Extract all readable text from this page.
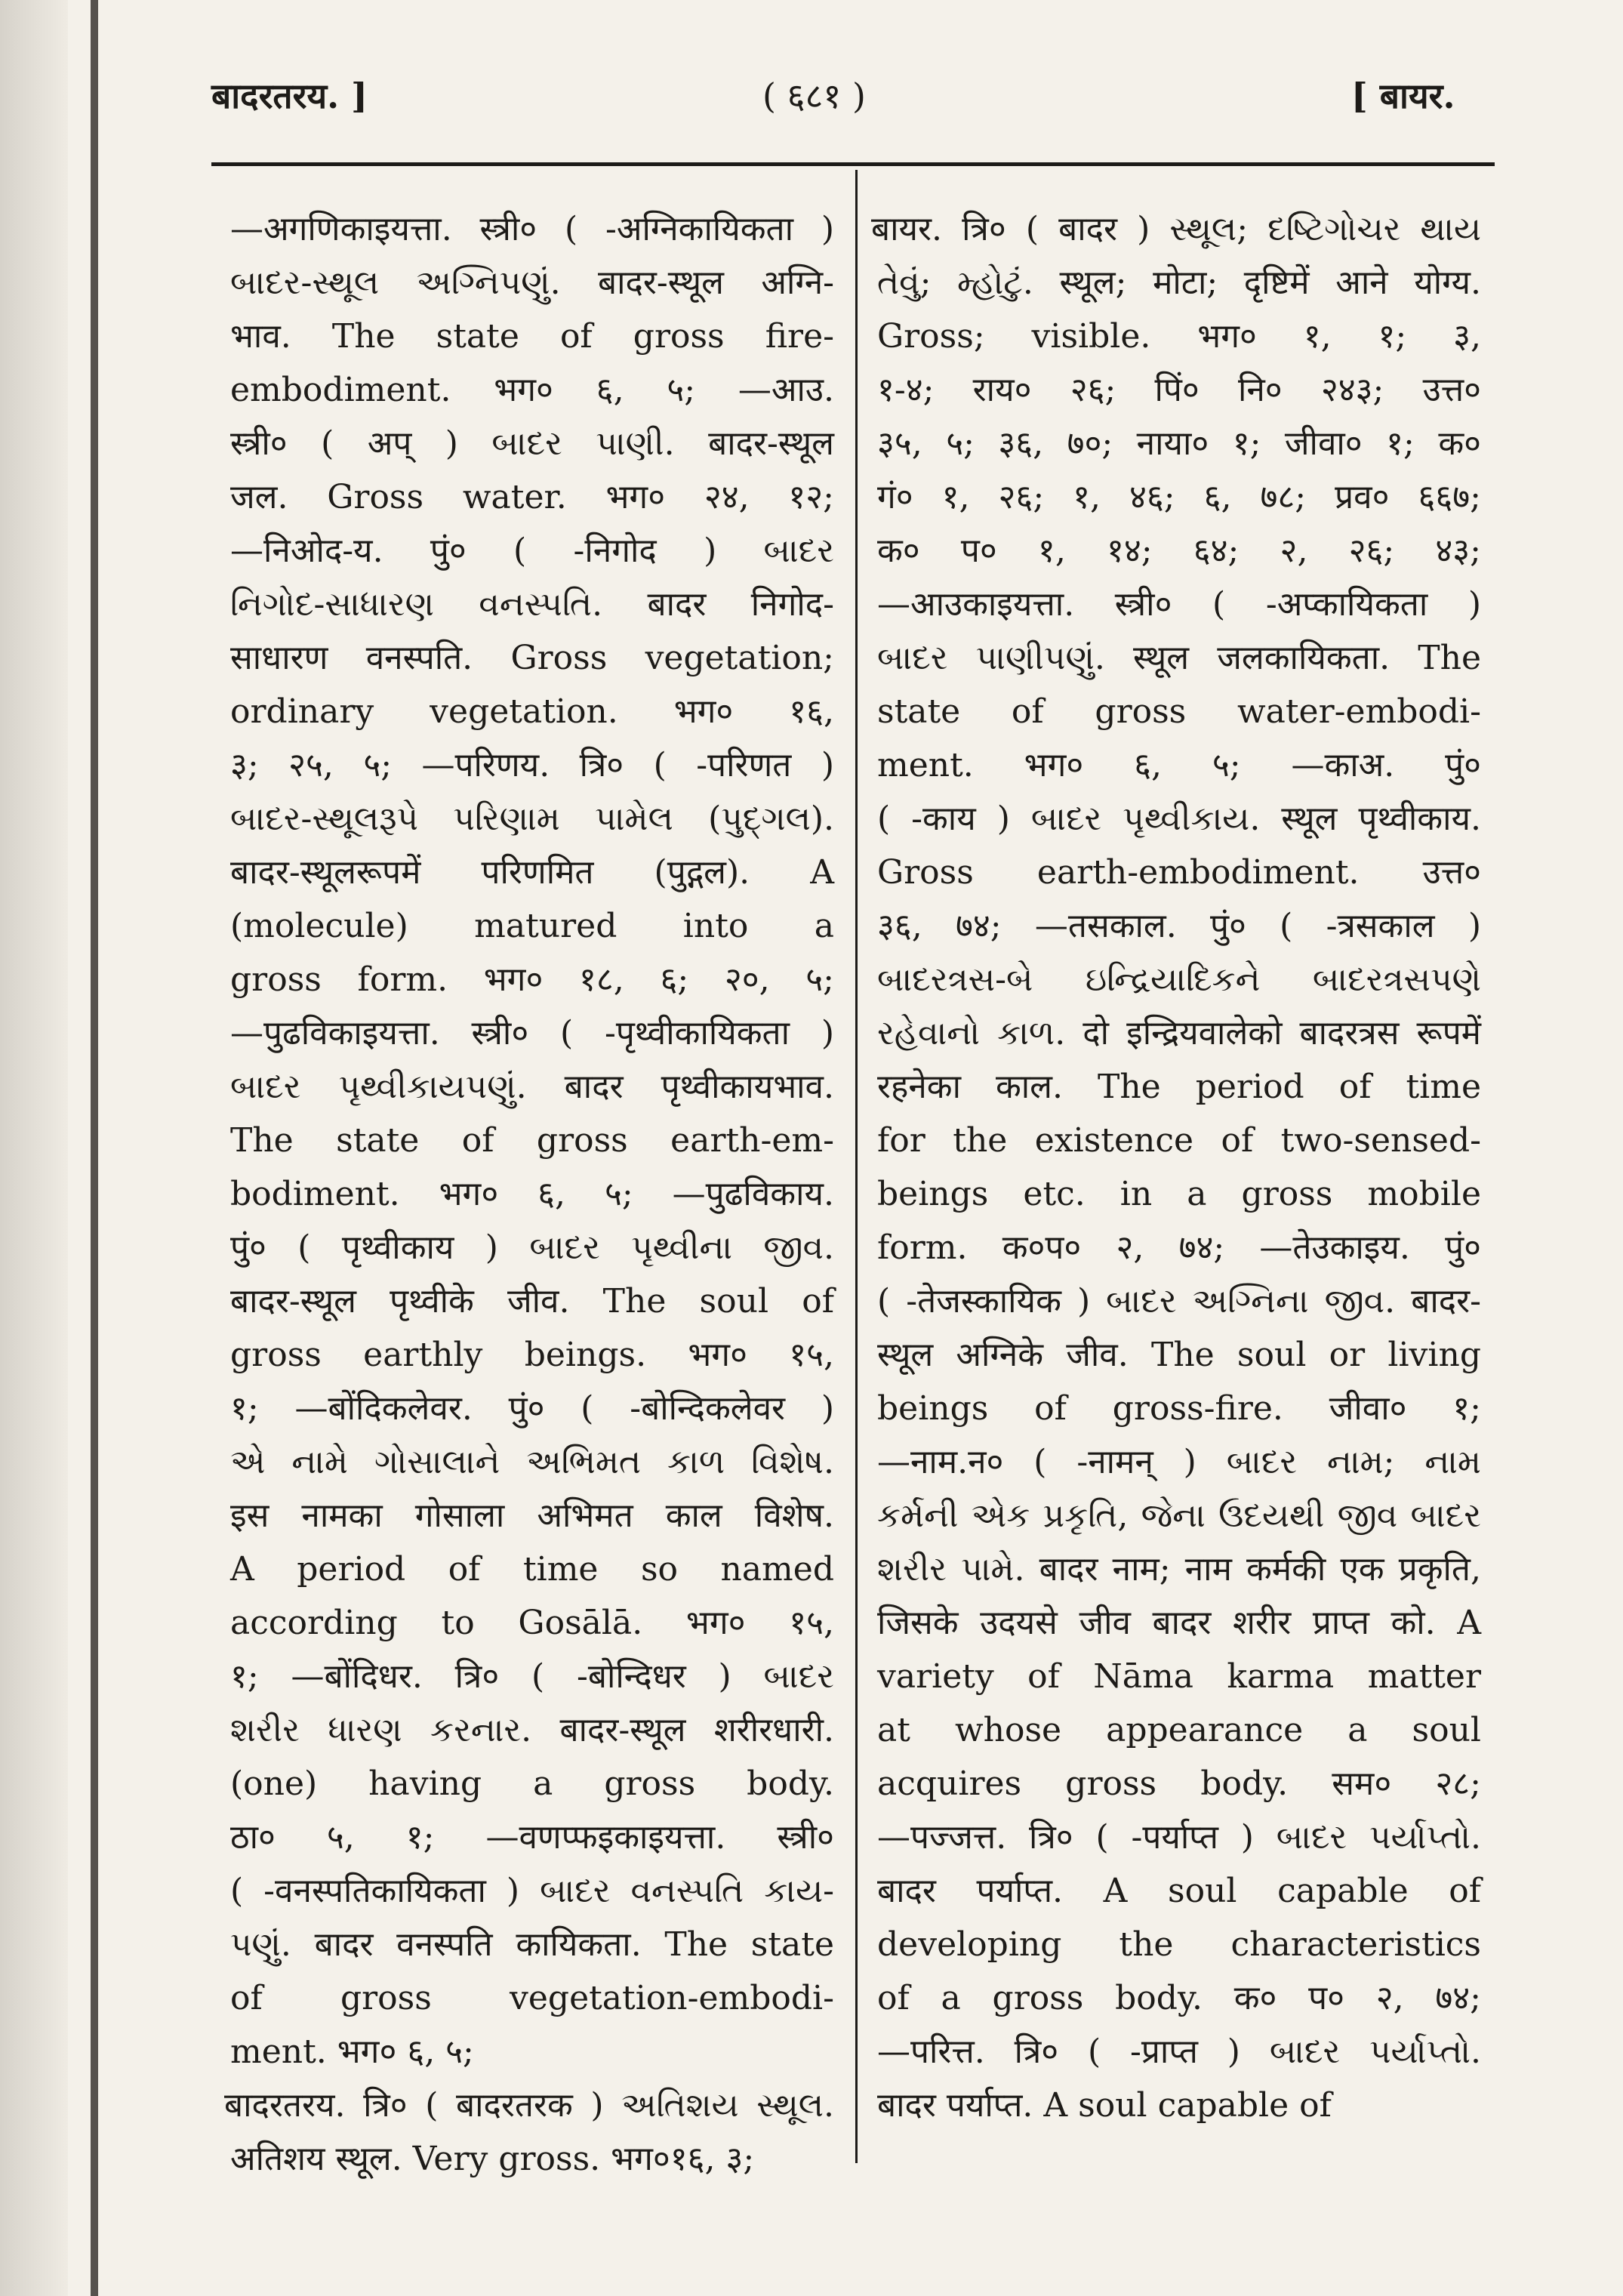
बादरतरय. ]	( ६८१ )	[ बायर.
—अगणिकाइयत्ता. स्त्री० ( -अग्निकायिकता )
બાદર-સ્થૂલ અગ્નિપણું. बादर-स्थूल अग्नि-
भाव. The state of gross fire-
embodiment. भग० ६, ५; —आउ.
स्त्री० ( अप् ) બાદર પાણી. बादर-स्थूल
जल. Gross water. भग० २४, १२;
—निओद-य. पुं० ( -निगोद ) બાદર
નિગોદ-સાધારણ વનસ્પતિ. बादर निगोद-
साधारण वनस्पति. Gross vegetation;
ordinary vegetation. भग० १६,
३; २५, ५; —परिणय. त्रि० ( -परिणत )
બાદર-સ્થૂલરૂપે પરિણામ પામેલ (પુદ્ગલ).
बादर-स्थूलरूपमें परिणमित (पुद्गल). A
(molecule) matured into a
gross form. भग० १८, ६; २०, ५;
—पुढविकाइयत्ता. स्त्री० ( -पृथ्वीकायिकता )
બાદર પૃથ્વીકાયપણું. बादर पृथ्वीकायभाव.
The state of gross earth-em-
bodiment. भग० ६, ५; —पुढविकाय.
पुं० ( पृथ्वीकाय ) બાદર પૃથ્વીના જીવ.
बादर-स्थूल पृथ्वीके जीव. The soul of
gross earthly beings. भग० १५,
१; —बोंदिकलेवर. पुं० ( -बोन्दिकलेवर )
એ નામે ગોસાલાને અભિમત કાળ વિશેષ.
इस नामका गोसाला अभिमत काल विशेष.
A period of time so named
according to Gosālā. भग० १५,
१; —बोंदिधर. त्रि० ( -बोन्दिधर ) બાદર
શરીર ધારણ કરનાર. बादर-स्थूल शरीरधारी.
(one) having a gross body.
ठा० ५, १; —वणप्फइकाइयत्ता. स्त्री०
( -वनस्पतिकायिकता ) બાદર વનસ્પતિ કાય-
પણું. बादर वनस्पति कायिकता. The state
of gross vegetation-embodi-
ment. भग० ६, ५;
बादरतरय. त्रि० ( बादरतरक ) અતિશય સ્થૂલ.
अतिशय स्थूल. Very gross. भग०१६, ३;
बायर. त्रि० ( बादर ) સ્થૂલ; દષ્ટિગોચર થાય
તેવું; મ્હોટું. स्थूल; मोटा; दृष्टिमें आने योग्य.
Gross; visible. भग० १, १; ३,
१-४; राय० २६; पिं० नि० २४३; उत्त०
३५, ५; ३६, ७०; नाया० १; जीवा० १; क०
गं० १, २६; १, ४६; ६, ७८; प्रव० ६६७;
क० प० १, १४; ६४; २, २६; ४३;
—आउकाइयत्ता. स्त्री० ( -अप्कायिकता )
બાદર પાણીપણું. स्थूल जलकायिकता. The
state of gross water-embodi-
ment. भग० ६, ५; —काअ. पुं०
( -काय ) બાદર પૃથ્વીકાય. स्थूल पृथ्वीकाय.
Gross earth-embodiment. उत्त०
३६, ७४; —तसकाल. पुं० ( -त्रसकाल )
બાદરત્રસ-બે ઇન્દ્રિયાદિકને બાદરત્રસપણે
રહેવાનો કાળ. दो इन्द्रियवालेको बादरत्रस रूपमें
रहनेका काल. The period of time
for the existence of two-sensed-
beings etc. in a gross mobile
form. क०प० २, ७४; —तेउकाइय. पुं०
( -तेजस्कायिक ) બાદર અગ્નિના જીવ. बादर-
स्थूल अग्निके जीव. The soul or living
beings of gross-fire. जीवा० १;
—नाम.न० ( -नामन् ) બાદર નામ; નામ
કર્મની એક પ્રકૃતિ, જેના ઉદયથી જીવ બાદર
શરીર પામે. बादर नाम; नाम कर्मकी एक प्रकृति,
जिसके उदयसे जीव बादर शरीर प्राप्त को. A
variety of Nāma karma matter
at whose appearance a soul
acquires gross body. सम० २८;
—पज्जत्त. त्रि० ( -पर्याप्त ) બાદર પર્યાપ્તો.
बादर पर्याप्त. A soul capable of
developing the characteristics
of a gross body. क० प० २, ७४;
—परित्त. त्रि० ( -प्राप्त ) બાદર પર્યાપ્તો.
बादर पर्याप्त. A soul capable of
